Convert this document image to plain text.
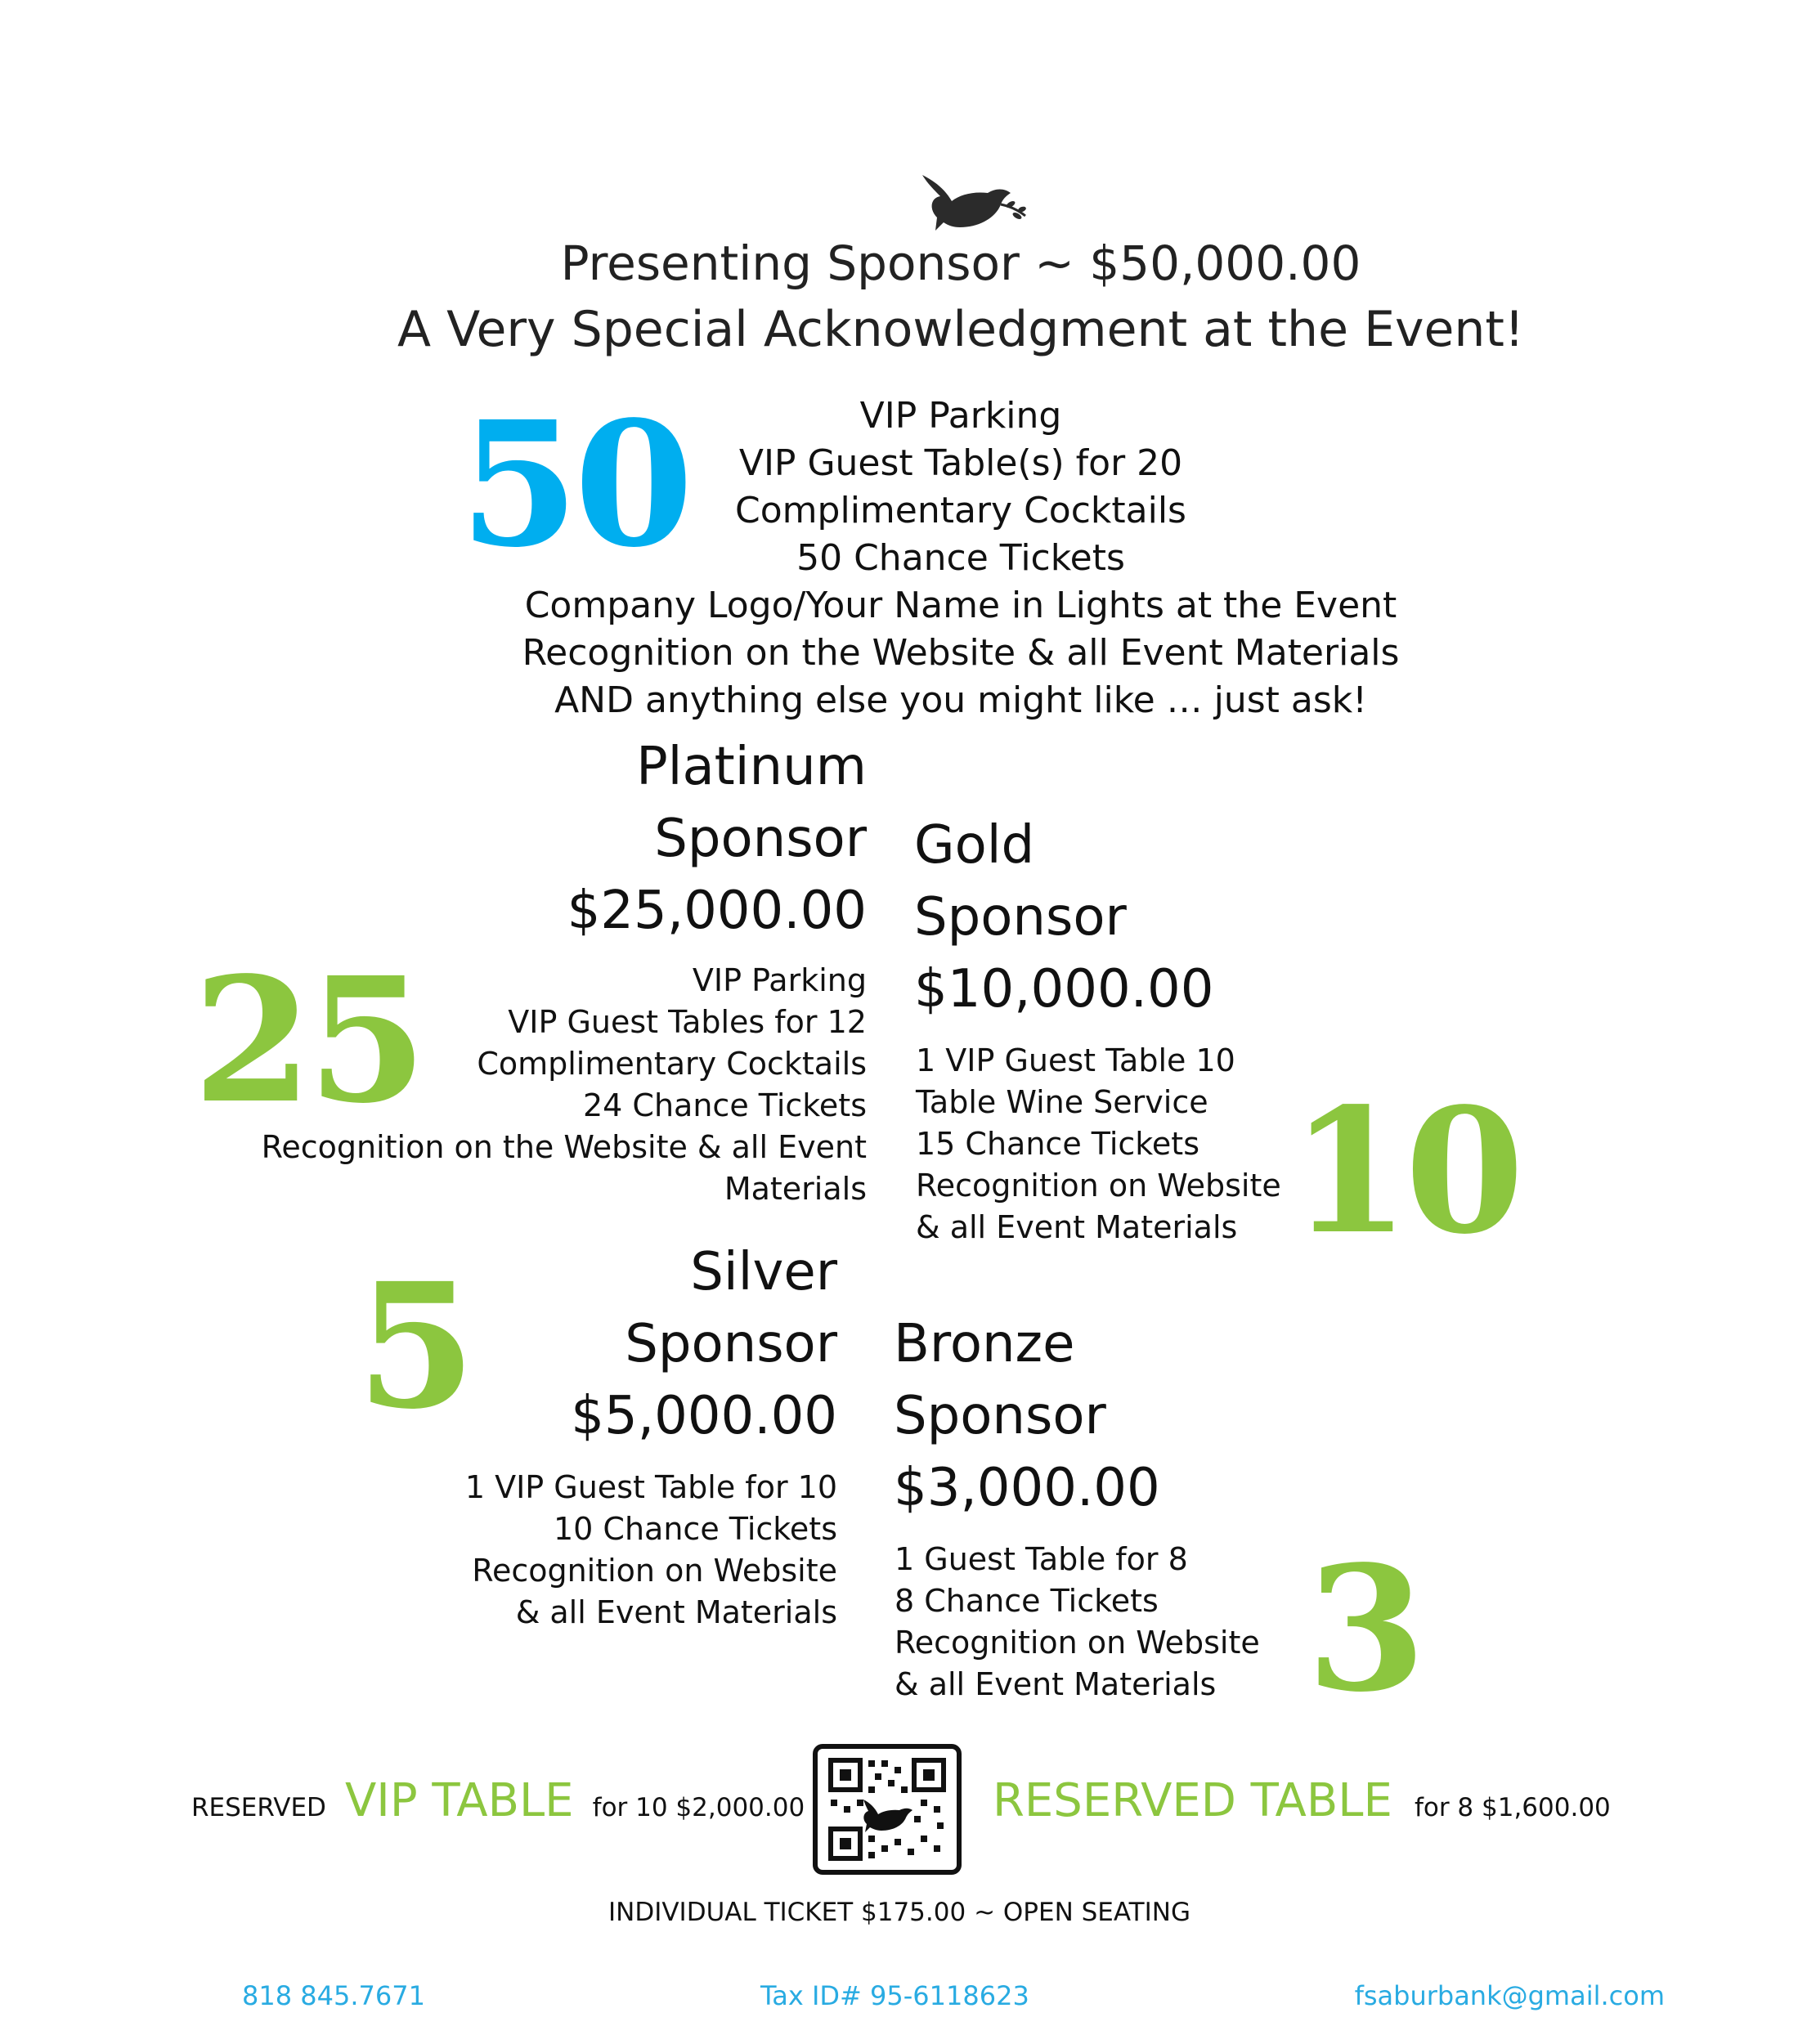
Presenting Sponsor ~ $50,000.00
A Very Special Acknowledgment at the Event!
50	VIP Parking
VIP Guest Table(s) for 20
Complimentary Cocktails
50 Chance Tickets
Company Logo/Your Name in Lights at the Event
Recognition on the Website & all Event Materials
AND anything else you might like … just ask!
Platinum
Sponsor
$25,000.00
25	VIP Parking
VIP Guest Tables for 12
Complimentary Cocktails
24 Chance Tickets
Recognition on the Website & all Event Materials
Gold
Sponsor
$10,000.00
1 VIP Guest Table 10
Table Wine Service
15 Chance Tickets
Recognition on Website
& all Event Materials 10
5	Silver
Sponsor
$5,000.00
1 VIP Guest Table for 10
10 Chance Tickets
Recognition on Website
& all Event Materials
Bronze
Sponsor
$3,000.00
1 Guest Table for 8
8 Chance Tickets
Recognition on Website
& all Event Materials 3
RESERVED VIP TABLE for 10 $2,000.00	RESERVED TABLE for 8 $1,600.00
INDIVIDUAL TICKET $175.00 ~ OPEN SEATING
818 845.7671	Tax ID# 95-6118623	fsaburbank@gmail.com
